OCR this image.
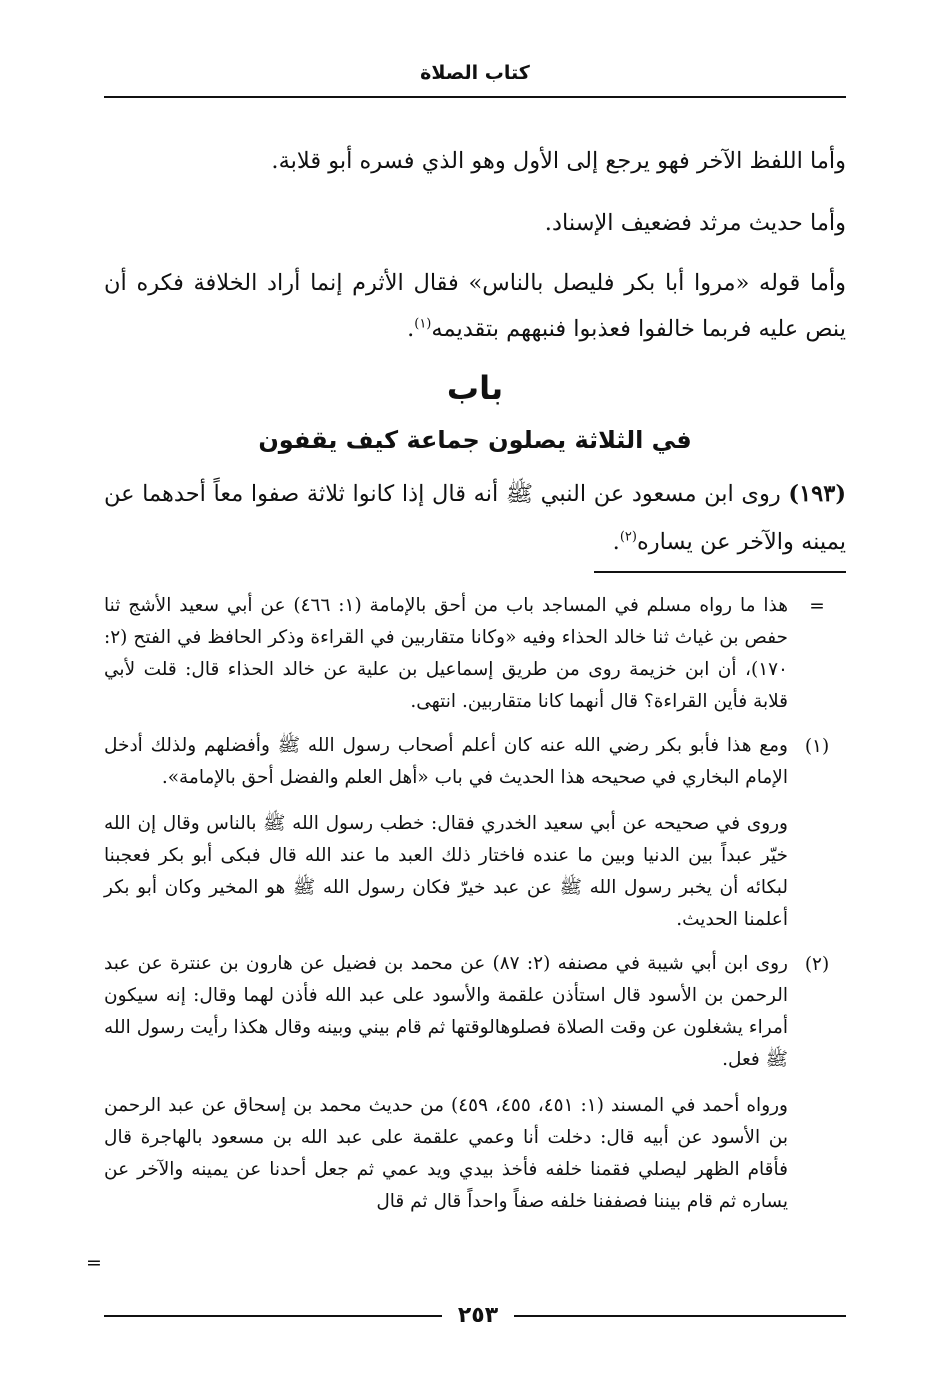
كتاب الصلاة

وأما اللفظ الآخر فهو يرجع إلى الأول وهو الذي فسره أبو قلابة.

وأما حديث مرثد فضعيف الإسناد.

وأما قوله «مروا أبا بكر فليصل بالناس» فقال الأثرم إنما أراد الخلافة فكره أن ينص عليه فربما خالفوا فعذبوا فنبههم بتقديمه$^{(١)}$.

باب
في الثلاثة يصلون جماعة كيف يقفون

(١٩٣) روى ابن مسعود عن النبي ﷺ أنه قال إذا كانوا ثلاثة صفوا معاً أحدهما عن يمينه والآخر عن يساره$^{(٢)}$.

=

هذا ما رواه مسلم في المساجد باب من أحق بالإمامة (١: ٤٦٦) عن أبي سعيد الأشج ثنا حفص بن غياث ثنا خالد الحذاء وفيه «وكانا متقاربين في القراءة وذكر الحافظ في الفتح (٢: ١٧٠)، أن ابن خزيمة روى من طريق إسماعيل بن علية عن خالد الحذاء قال: قلت لأبي قلابة فأين القراءة؟ قال أنهما كانا متقاربين. انتهى.

(١)

ومع هذا فأبو بكر رضي الله عنه كان أعلم أصحاب رسول الله ﷺ وأفضلهم ولذلك أدخل الإمام البخاري في صحيحه هذا الحديث في باب «أهل العلم والفضل أحق بالإمامة».

وروى في صحيحه عن أبي سعيد الخدري فقال: خطب رسول الله ﷺ بالناس وقال إن الله خيّر عبداً بين الدنيا وبين ما عنده فاختار ذلك العبد ما عند الله قال فبكى أبو بكر فعجبنا لبكائه أن يخبر رسول الله ﷺ عن عبد خيرّ فكان رسول الله ﷺ هو المخير وكان أبو بكر أعلمنا الحديث.

(٢)

روى ابن أبي شيبة في مصنفه (٢: ٨٧) عن محمد بن فضيل عن هارون بن عنترة عن عبد الرحمن بن الأسود قال استأذن علقمة والأسود على عبد الله فأذن لهما وقال: إنه سيكون أمراء يشغلون عن وقت الصلاة فصلوهالوقتها ثم قام بيني وبينه وقال هكذا رأيت رسول الله ﷺ فعل.

ورواه أحمد في المسند (١: ٤٥١، ٤٥٥، ٤٥٩) من حديث محمد بن إسحاق عن عبد الرحمن بن الأسود عن أبيه قال: دخلت أنا وعمي علقمة على عبد الله بن مسعود بالهاجرة قال فأقام الظهر ليصلي فقمنا خلفه فأخذ بيدي ويد عمي ثم جعل أحدنا عن يمينه والآخر عن يساره ثم قام بيننا فصففنا خلفه صفاً واحداً قال ثم قال

=
٢٥٣
